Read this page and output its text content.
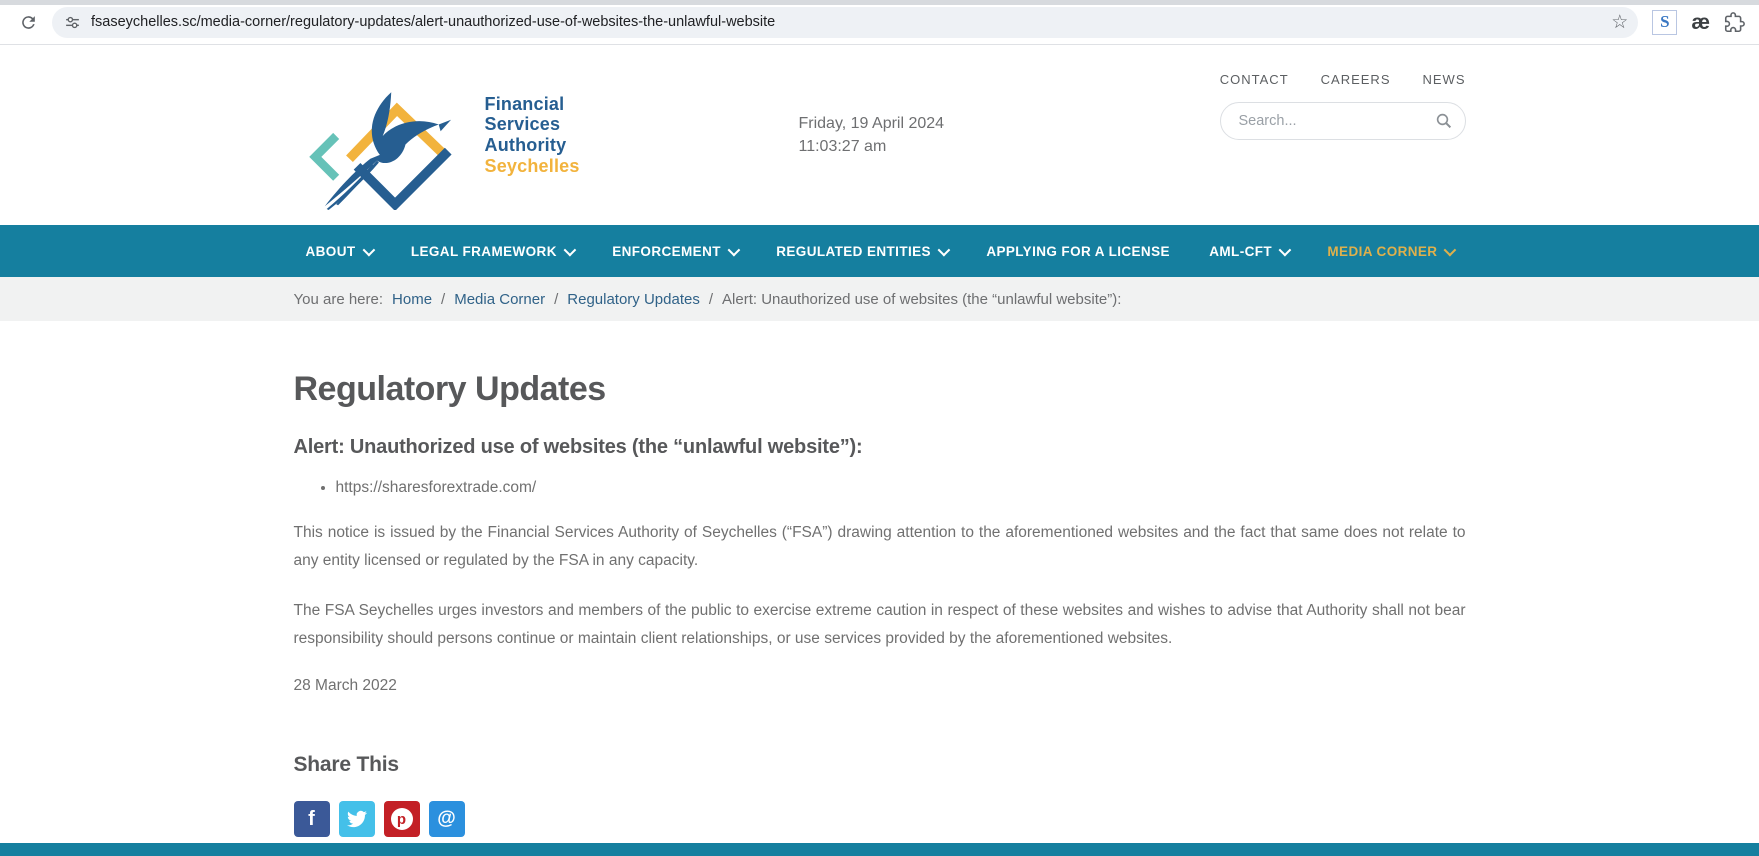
fsaseychelles.sc/media-corner/regulatory-updates/alert-unauthorized-use-of-websites-the-unlawful-website	☆	S	æ
Financial
Services
Authority
Seychelles
Friday, 19 April 2024
11:03:27 am
CONTACT CAREERS NEWS
Search...
ABOUT	LEGAL FRAMEWORK	ENFORCEMENT	REGULATED ENTITIES	APPLYING FOR A LICENSE	AML-CFT	MEDIA CORNER
You are here: Home / Media Corner / Regulatory Updates / Alert: Unauthorized use of websites (the “unlawful website”):
Regulatory Updates
Alert: Unauthorized use of websites (the “unlawful website”):
• https://sharesforextrade.com/

This notice is issued by the Financial Services Authority of Seychelles (“FSA”) drawing attention to the aforementioned websites and the fact that same does not relate to any entity licensed or regulated by the FSA in any capacity.

The FSA Seychelles urges investors and members of the public to exercise extreme caution in respect of these websites and wishes to advise that Authority shall not bear responsibility should persons continue or maintain client relationships, or use services provided by the aforementioned websites.

28 March 2022
Share This
f	p	@
